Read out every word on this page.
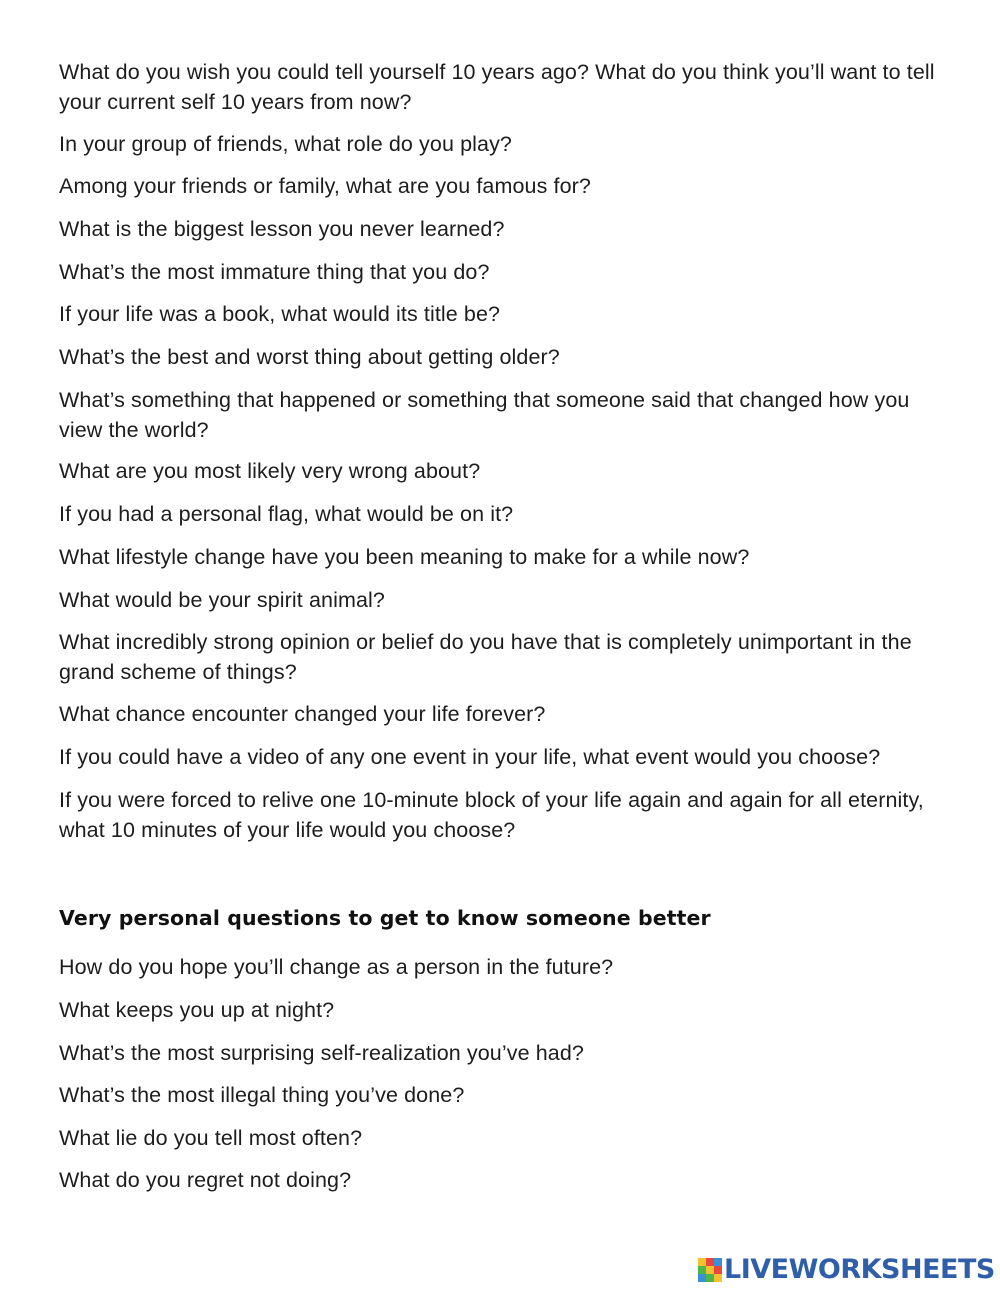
What do you wish you could tell yourself 10 years ago? What do you think you’ll want to tell your current self 10 years from now?
In your group of friends, what role do you play?
Among your friends or family, what are you famous for?
What is the biggest lesson you never learned?
What’s the most immature thing that you do?
If your life was a book, what would its title be?
What’s the best and worst thing about getting older?
What’s something that happened or something that someone said that changed how you view the world?
What are you most likely very wrong about?
If you had a personal flag, what would be on it?
What lifestyle change have you been meaning to make for a while now?
What would be your spirit animal?
What incredibly strong opinion or belief do you have that is completely unimportant in the grand scheme of things?
What chance encounter changed your life forever?
If you could have a video of any one event in your life, what event would you choose?
If you were forced to relive one 10-minute block of your life again and again for all eternity, what 10 minutes of your life would you choose?
Very personal questions to get to know someone better
How do you hope you’ll change as a person in the future?
What keeps you up at night?
What’s the most surprising self-realization you’ve had?
What’s the most illegal thing you’ve done?
What lie do you tell most often?
What do you regret not doing?
LIVEWORKSHEETS
